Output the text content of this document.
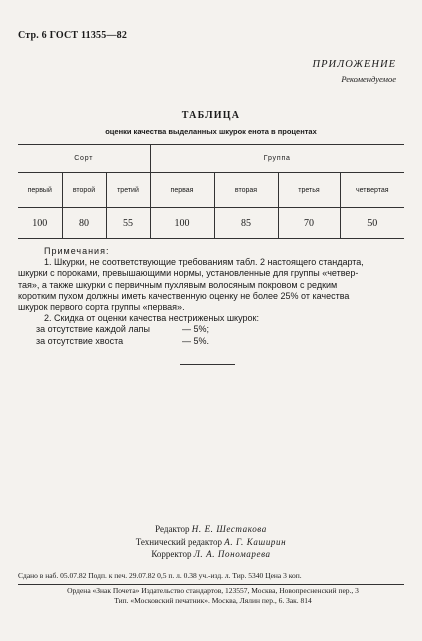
Стр. 6 ГОСТ 11355—82
ПРИЛОЖЕНИЕ
Рекомендуемое
ТАБЛИЦА
оценки качества выделанных шкурок енота в процентах
Сорт			Группа			
первый	второй	третий	первая	вторая	третья	четвертая
100	80	55	100	85	70	50

Примечания:

1. Шкурки, не соответствующие требованиям табл. 2 настоящего стандарта,

шкурки с пороками, превышающими нормы, установленные для группы «четвер-

тая», а также шкурки с первичным пухлявым волосяным покровом с редким

коротким пухом должны иметь качественную оценку не более 25% от качества

шкурок первого сорта группы «первая».

2. Скидка от оценки качества нестриженых шкурок:

за отсутствие каждой лапы	— 5%;

за отсутствие хвоста	— 5%.

Редактор Н. Е. Шестакова
Технический редактор А. Г. Каширин
Корректор Л. А. Пономарева
Сдано в наб. 05.07.82 Подп. к печ. 29.07.82 0,5 п. л. 0.38 уч.-изд. л. Тир. 5340 Цена 3 коп.
Ордена «Знак Почета» Издательство стандартов, 123557, Москва, Новопресненский пер., 3
Тип. «Московский печатник». Москва, Лялин пер., 6. Зак. 814
